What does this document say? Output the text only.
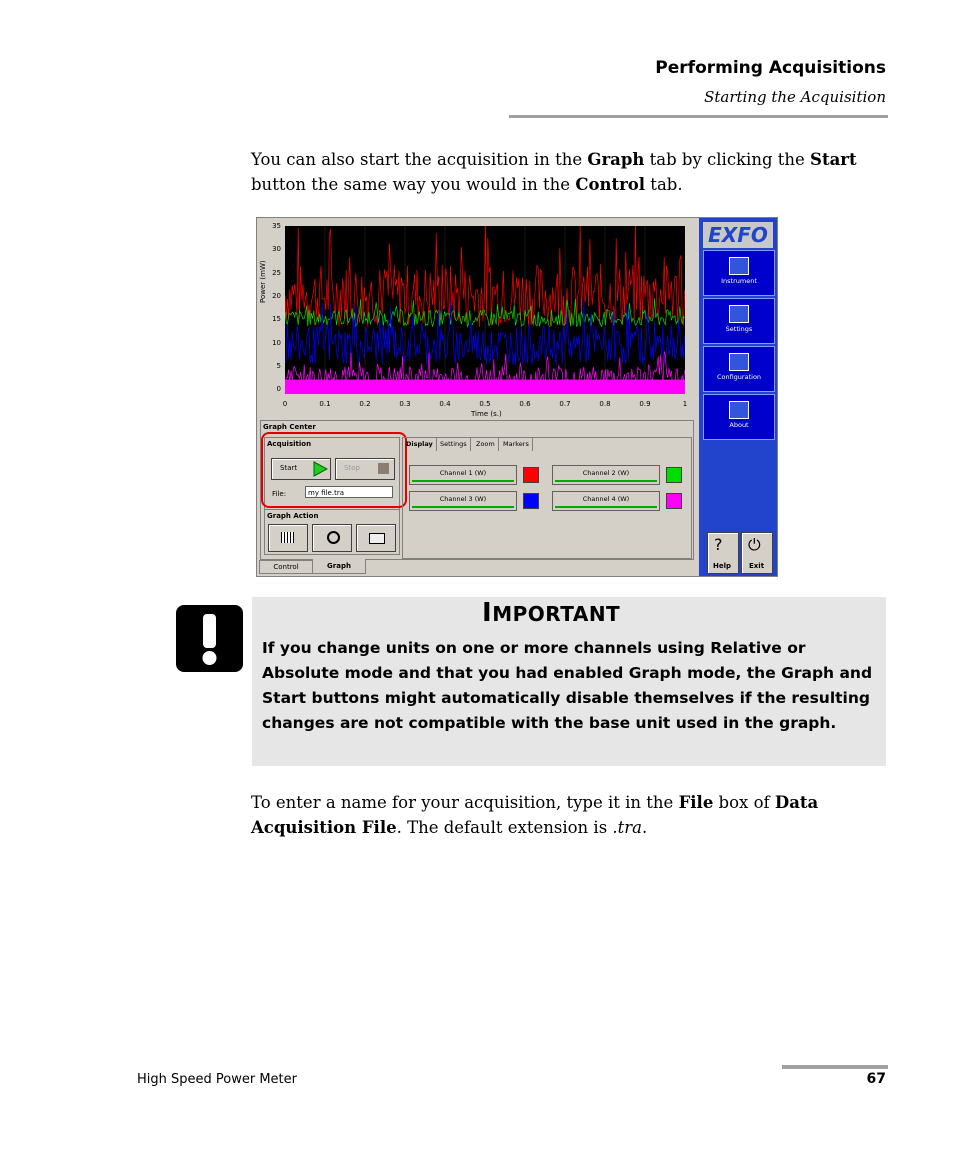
Performing Acquisitions
Starting the Acquisition
You can also start the acquisition in the Graph tab by clicking the Start button the same way you would in the Control tab.
Power (mW)
35
30
25
20
15
10
5
0
0	0.1	0.2	0.3	0.4	0.5	0.6	0.7	0.8	0.9	1
Time (s.)
Graph Center
Acquisition
Start	Stop
File:	my file.tra
Graph Action
Display	Settings	Zoom	Markers
Channel 1 (W)	Channel 2 (W)
Channel 3 (W)	Channel 4 (W)
Control	Graph
EXFO
Instrument
Settings
Configuration
About
?
Help
⏻
Exit
IMPORTANT
If you change units on one or more channels using Relative or Absolute mode and that you had enabled Graph mode, the Graph and Start buttons might automatically disable themselves if the resulting changes are not compatible with the base unit used in the graph.
To enter a name for your acquisition, type it in the File box of Data Acquisition File. The default extension is .tra.
High Speed Power Meter	67
